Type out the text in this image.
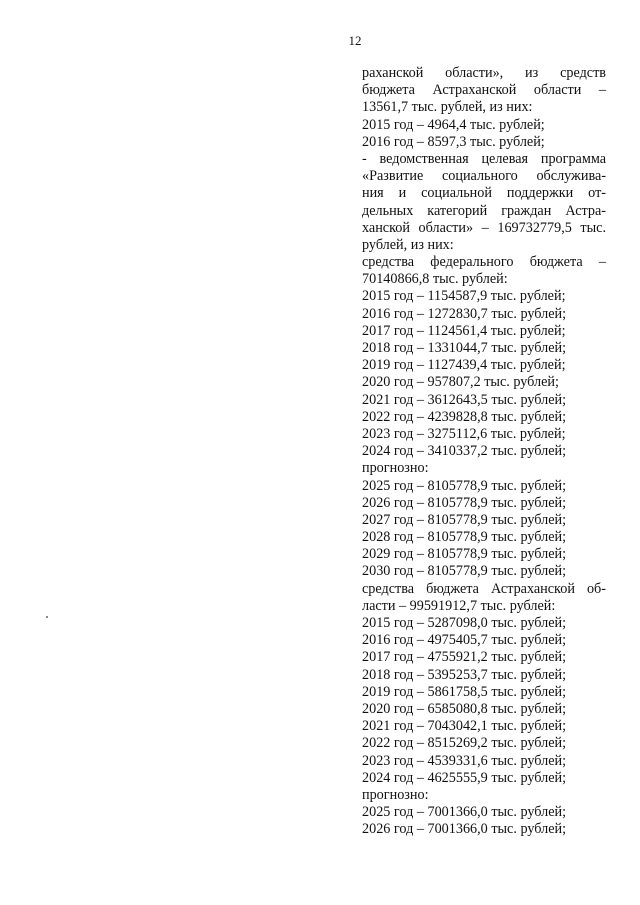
12
раханской области», из средств
бюджета Астраханской области –
13561,7 тыс. рублей, из них:
2015 год – 4964,4 тыс. рублей;
2016 год – 8597,3 тыс. рублей;
- ведомственная целевая программа
«Развитие социального обслужива-
ния и социальной поддержки от-
дельных категорий граждан Астра-
ханской области» – 169732779,5 тыс.
рублей, из них:
средства федерального бюджета –
70140866,8 тыс. рублей:
2015 год – 1154587,9 тыс. рублей;
2016 год – 1272830,7 тыс. рублей;
2017 год – 1124561,4 тыс. рублей;
2018 год – 1331044,7 тыс. рублей;
2019 год – 1127439,4 тыс. рублей;
2020 год – 957807,2 тыс. рублей;
2021 год – 3612643,5 тыс. рублей;
2022 год – 4239828,8 тыс. рублей;
2023 год – 3275112,6 тыс. рублей;
2024 год – 3410337,2 тыс. рублей;
прогнозно:
2025 год – 8105778,9 тыс. рублей;
2026 год – 8105778,9 тыс. рублей;
2027 год – 8105778,9 тыс. рублей;
2028 год – 8105778,9 тыс. рублей;
2029 год – 8105778,9 тыс. рублей;
2030 год – 8105778,9 тыс. рублей;
средства бюджета Астраханской об-
ласти – 99591912,7 тыс. рублей:
2015 год – 5287098,0 тыс. рублей;
2016 год – 4975405,7 тыс. рублей;
2017 год – 4755921,2 тыс. рублей;
2018 год – 5395253,7 тыс. рублей;
2019 год – 5861758,5 тыс. рублей;
2020 год – 6585080,8 тыс. рублей;
2021 год – 7043042,1 тыс. рублей;
2022 год – 8515269,2 тыс. рублей;
2023 год – 4539331,6 тыс. рублей;
2024 год – 4625555,9 тыс. рублей;
прогнозно:
2025 год – 7001366,0 тыс. рублей;
2026 год – 7001366,0 тыс. рублей;
